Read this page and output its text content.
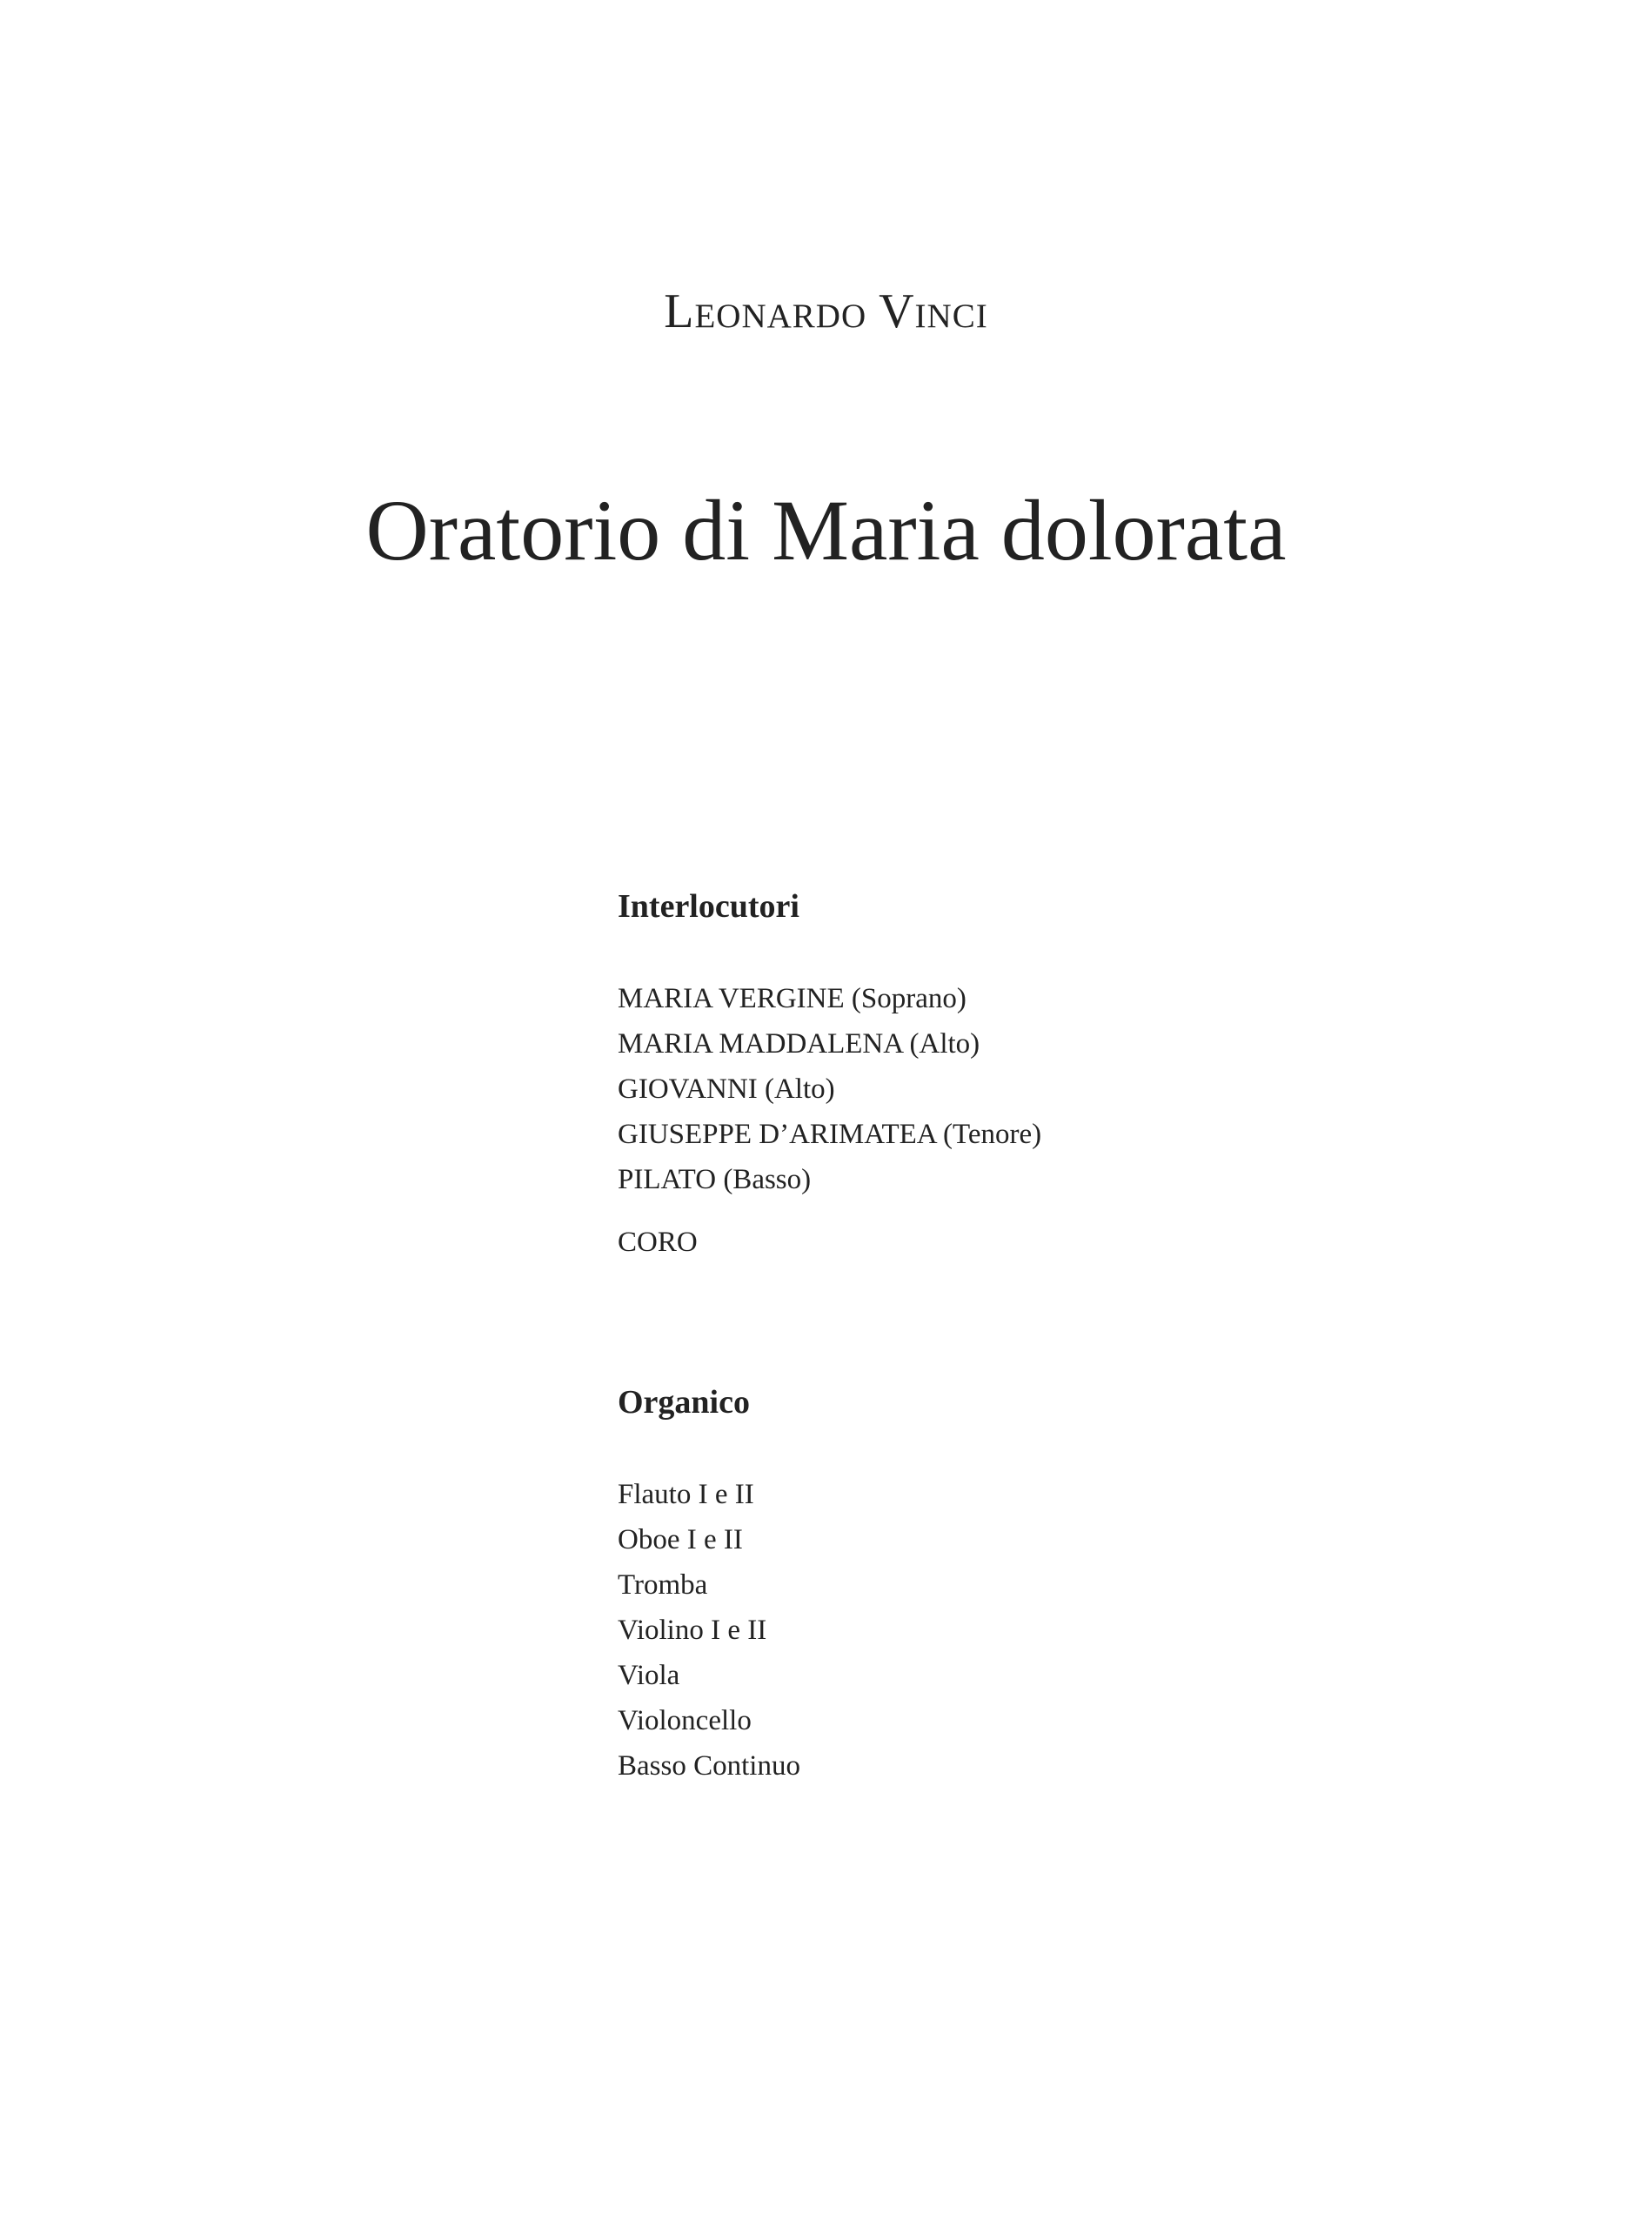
Leonardo Vinci
Oratorio di Maria dolorata
Interlocutori
MARIA VERGINE (Soprano)
MARIA MADDALENA (Alto)
GIOVANNI (Alto)
GIUSEPPE D’ARIMATEA (Tenore)
PILATO (Basso)
CORO
Organico
Flauto I e II
Oboe I e II
Tromba
Violino I e II
Viola
Violoncello
Basso Continuo
